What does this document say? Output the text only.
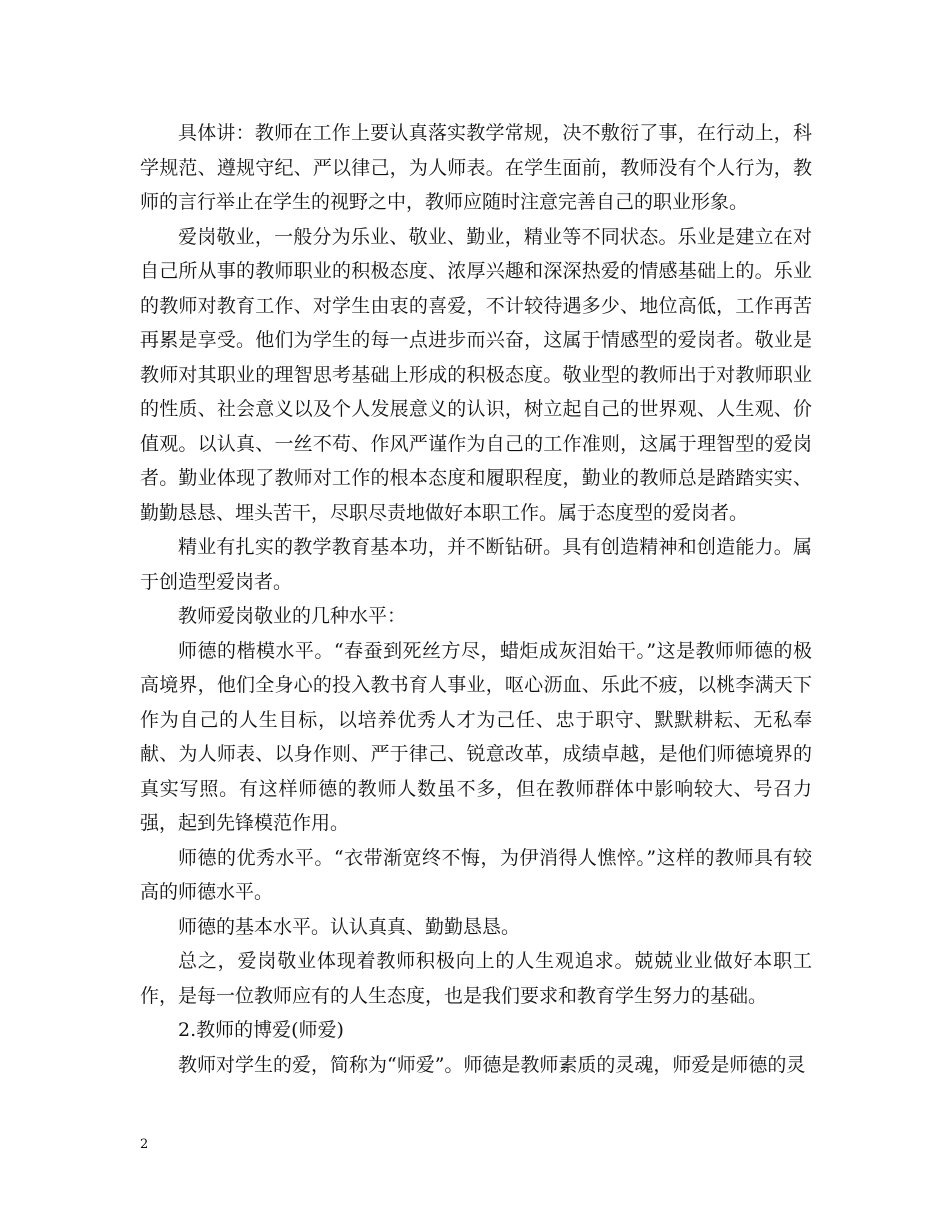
具体讲：教师在工作上要认真落实教学常规，决不敷衍了事，在行动上，科学规范、遵规守纪、严以律己，为人师表。在学生面前，教师没有个人行为，教师的言行举止在学生的视野之中，教师应随时注意完善自己的职业形象。

爱岗敬业，一般分为乐业、敬业、勤业，精业等不同状态。乐业是建立在对自己所从事的教师职业的积极态度、浓厚兴趣和深深热爱的情感基础上的。乐业的教师对教育工作、对学生由衷的喜爱，不计较待遇多少、地位高低，工作再苦再累是享受。他们为学生的每一点进步而兴奋，这属于情感型的爱岗者。敬业是教师对其职业的理智思考基础上形成的积极态度。敬业型的教师出于对教师职业的性质、社会意义以及个人发展意义的认识，树立起自己的世界观、人生观、价值观。以认真、一丝不苟、作风严谨作为自己的工作准则，这属于理智型的爱岗者。勤业体现了教师对工作的根本态度和履职程度，勤业的教师总是踏踏实实、勤勤恳恳、埋头苦干，尽职尽责地做好本职工作。属于态度型的爱岗者。

精业有扎实的教学教育基本功，并不断钻研。具有创造精神和创造能力。属于创造型爱岗者。

教师爱岗敬业的几种水平：

师德的楷模水平。“春蚕到死丝方尽，蜡炬成灰泪始干。”这是教师师德的极高境界，他们全身心的投入教书育人事业，呕心沥血、乐此不疲，以桃李满天下作为自己的人生目标，以培养优秀人才为己任、忠于职守、默默耕耘、无私奉献、为人师表、以身作则、严于律己、锐意改革，成绩卓越，是他们师德境界的真实写照。有这样师德的教师人数虽不多，但在教师群体中影响较大、号召力强，起到先锋模范作用。

师德的优秀水平。“衣带渐宽终不悔，为伊消得人憔悴。”这样的教师具有较高的师德水平。

师德的基本水平。认认真真、勤勤恳恳。

总之，爱岗敬业体现着教师积极向上的人生观追求。兢兢业业做好本职工作，是每一位教师应有的人生态度，也是我们要求和教育学生努力的基础。

2.教师的博爱(师爱)

教师对学生的爱，简称为“师爱”。师德是教师素质的灵魂，师爱是师德的灵

2
